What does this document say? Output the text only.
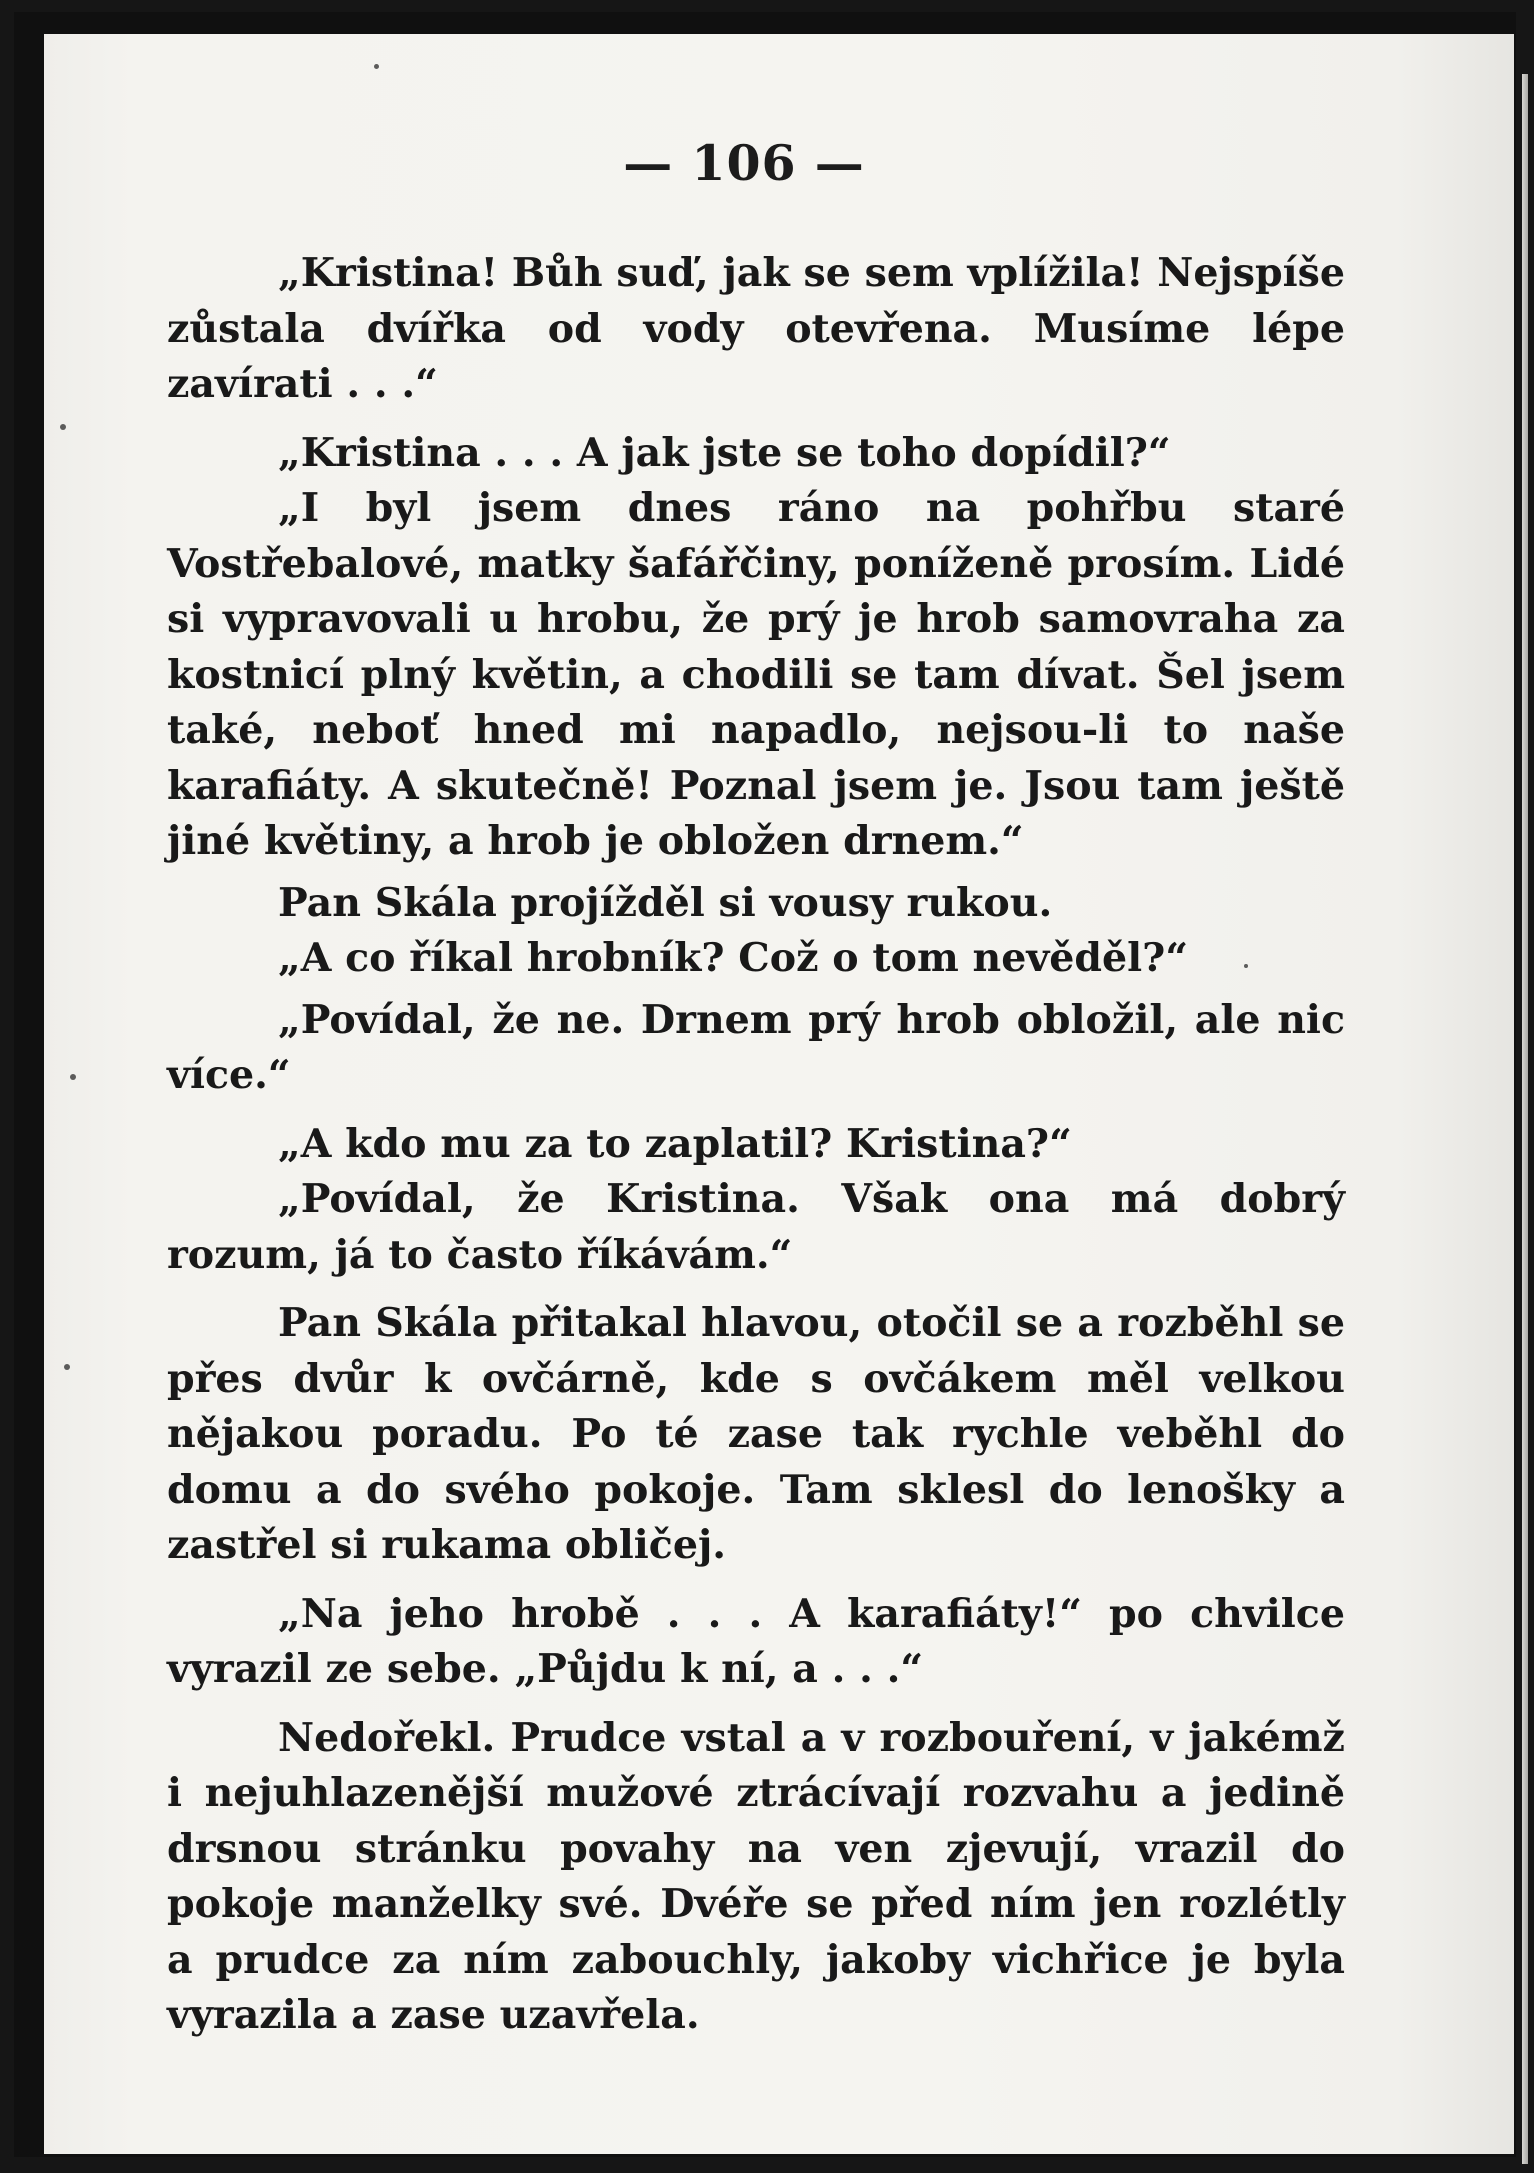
— 106 —

„Kristina! Bůh suď, jak se sem vplížila! Nejspíše zůstala dvířka od vody otevřena. Musíme lépe zavírati . . .“

„Kristina . . . A jak jste se toho dopídil?“

„I byl jsem dnes ráno na pohřbu staré Vostřebalové, matky šafářčiny, poníženě prosím. Lidé si vypravovali u hrobu, že prý je hrob samovraha za kostnicí plný květin, a chodili se tam dívat. Šel jsem také, neboť hned mi napadlo, nejsou-li to naše karafiáty. A skutečně! Poznal jsem je. Jsou tam ještě jiné květiny, a hrob je obložen drnem.“

Pan Skála projížděl si vousy rukou.

„A co říkal hrobník? Což o tom nevěděl?“

„Povídal, že ne. Drnem prý hrob obložil, ale nic více.“

„A kdo mu za to zaplatil? Kristina?“

„Povídal, že Kristina. Však ona má dobrý rozum, já to často říkávám.“

Pan Skála přitakal hlavou, otočil se a rozběhl se přes dvůr k ovčárně, kde s ovčákem měl velkou nějakou poradu. Po té zase tak rychle veběhl do domu a do svého pokoje. Tam sklesl do lenošky a zastřel si rukama obličej.

„Na jeho hrobě . . . A karafiáty!“ po chvilce vyrazil ze sebe. „Půjdu k ní, a . . .“

Nedořekl. Prudce vstal a v rozbouření, v jakémž i nejuhlazenější mužové ztrácívají rozvahu a jedině drsnou stránku povahy na ven zjevují, vrazil do pokoje manželky své. Dvéře se před ním jen rozlétly a prudce za ním zabouchly, jakoby vichřice je byla vyrazila a zase uzavřela.
